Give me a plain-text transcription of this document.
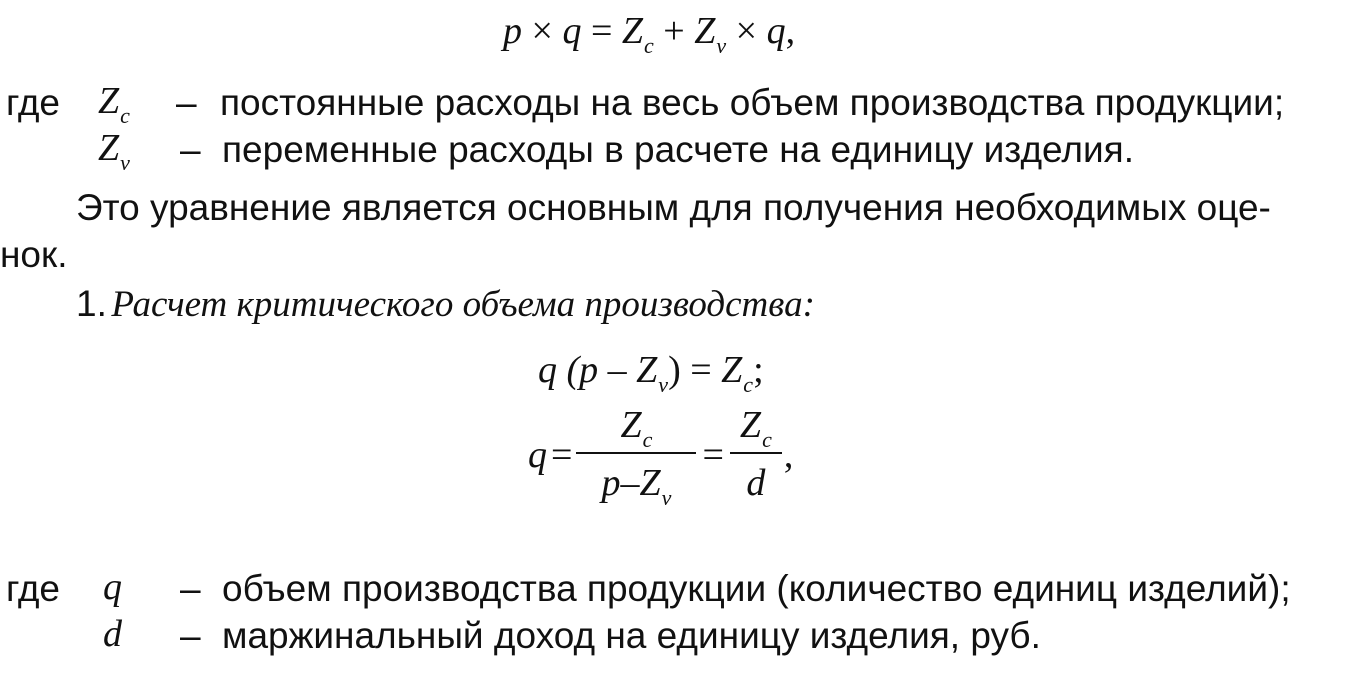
$p \times q = Z_c + Z_v \times q$,
где $Z_c$ – постоянные расходы на весь объем производства продукции;
$Z_v$ – переменные расходы в расчете на единицу изделия.
Это уравнение является основным для получения необходимых оце-
нок.
1. Расчет критического объема производства:
q $(p - Z_v) = Z_c$;
$q = \frac{Z_c}{p-Z_v} = \frac{Z_c}{d}$ ,
где q – объем производства продукции (количество единиц изделий);
d – маржинальный доход на единицу изделия, руб.
